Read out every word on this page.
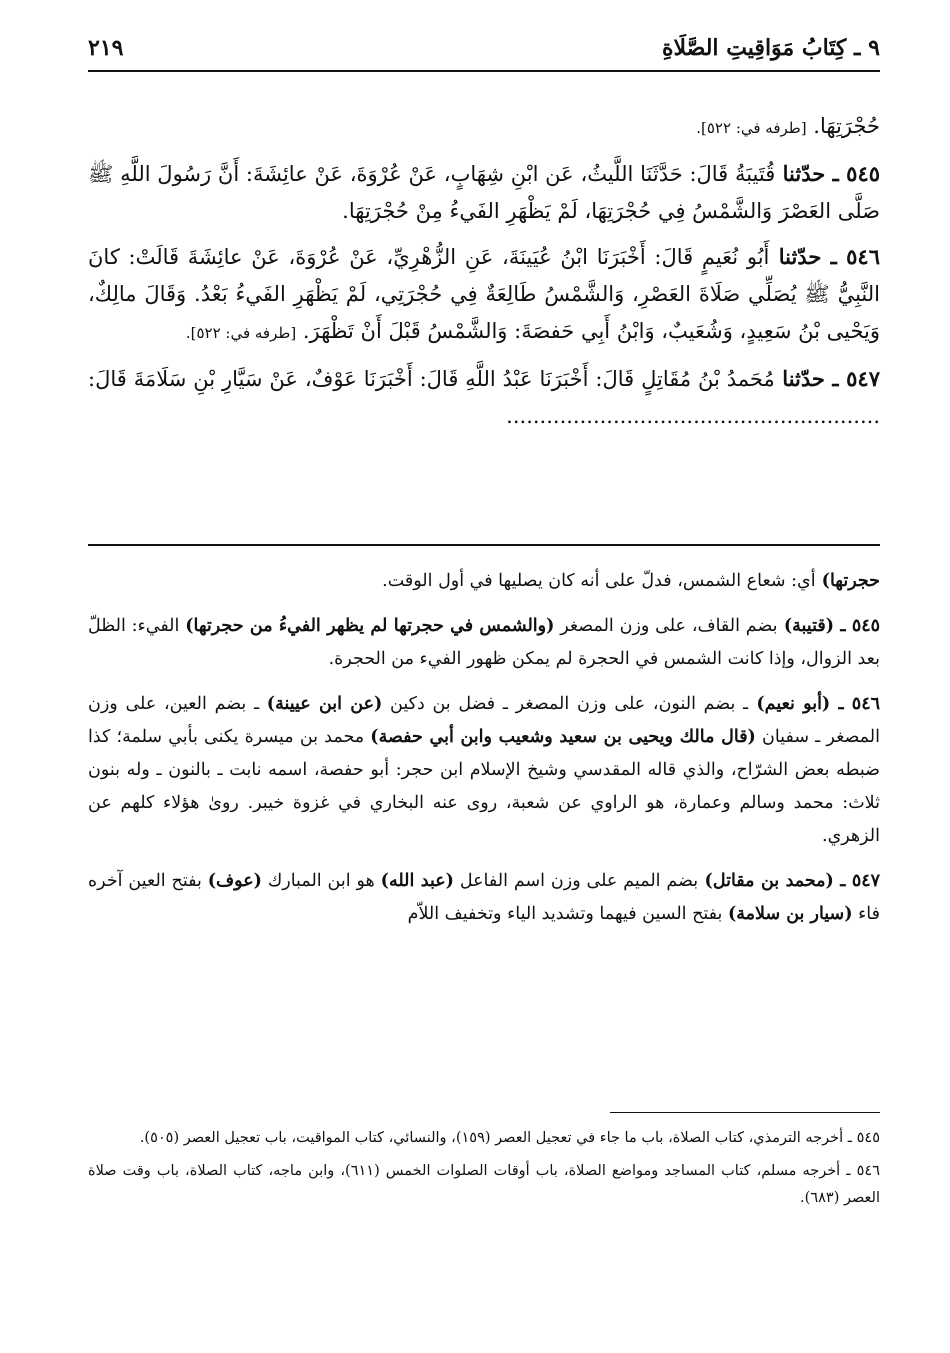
٩ ـ كِتَابُ مَوَاقِيتِ الصَّلَاةِ
٢١٩

حُجْرَتِهَا. [طرفه في: ٥٢٢].

٥٤٥ ـ حدّثنا قُتَيبَةُ قَالَ: حَدَّثَنَا اللَّيثُ، عَن ابْنِ شِهَابٍ، عَنْ عُرْوَةَ، عَنْ عائِشَةَ: أَنَّ رَسُولَ اللَّهِ ﷺ صَلَّى العَصْرَ وَالشَّمْسُ فِي حُجْرَتِهَا، لَمْ يَظْهَرِ الفَيءُ مِنْ حُجْرَتِهَا.

٥٤٦ ـ حدّثنا أَبُو نُعَيمٍ قَالَ: أَخْبَرَنَا ابْنُ عُيَينَةَ، عَنِ الزُّهْرِيِّ، عَنْ عُرْوَةَ، عَنْ عائِشَةَ قَالَتْ: كانَ النَّبِيُّ ﷺ يُصَلِّي صَلَاةَ العَصْرِ، وَالشَّمْسُ طَالِعَةٌ فِي حُجْرَتِي، لَمْ يَظْهَرِ الفَيءُ بَعْدُ. وَقَالَ مالِكٌ، وَيَحْيى بْنُ سَعِيدٍ، وَشُعَيبٌ، وَابْنُ أَبِي حَفصَةَ: وَالشَّمْسُ قَبْلَ أَنْ تَظْهَرَ. [طرفه في: ٥٢٢].

٥٤٧ ـ حدّثنا مُحَمدُ بْنُ مُقَاتِلٍ قَالَ: أَخْبَرَنَا عَبْدُ اللَّهِ قَالَ: أَخْبَرَنَا عَوْفٌ، عَنْ سَيَّارِ بْنِ سَلَامَةَ قَالَ: ........................................................

حجرتها) أي: شعاع الشمس، فدلّ على أنه كان يصليها في أول الوقت.

٥٤٥ ـ (قتيبة) بضم القاف، على وزن المصغر (والشمس في حجرتها لم يظهر الفيءُ من حجرتها) الفيء: الظلّ بعد الزوال، وإذا كانت الشمس في الحجرة لم يمكن ظهور الفيء من الحجرة.

٥٤٦ ـ (أبو نعيم) ـ بضم النون، على وزن المصغر ـ فضل بن دكين (عن ابن عيينة) ـ بضم العين، على وزن المصغر ـ سفيان (قال مالك ويحيى بن سعيد وشعيب وابن أبي حفصة) محمد بن ميسرة يكنى بأبي سلمة؛ كذا ضبطه بعض الشرّاح، والذي قاله المقدسي وشيخ الإسلام ابن حجر: أبو حفصة، اسمه نابت ـ بالنون ـ وله بنون ثلاث: محمد وسالم وعمارة، هو الراوي عن شعبة، روى عنه البخاري في غزوة خيبر. روىٰ هؤلاء كلهم عن الزهري.

٥٤٧ ـ (محمد بن مقاتل) بضم الميم على وزن اسم الفاعل (عبد الله) هو ابن المبارك (عوف) بفتح العين آخره فاء (سيار بن سلامة) بفتح السين فيهما وتشديد الياء وتخفيف اللاّم

٥٤٥ ـ أخرجه الترمذي، كتاب الصلاة، باب ما جاء في تعجيل العصر (١٥٩)، والنسائي، كتاب المواقيت، باب تعجيل العصر (٥٠٥).

٥٤٦ ـ أخرجه مسلم، كتاب المساجد ومواضع الصلاة، باب أوقات الصلوات الخمس (٦١١)، وابن ماجه، كتاب الصلاة، باب وقت صلاة العصر (٦٨٣).
